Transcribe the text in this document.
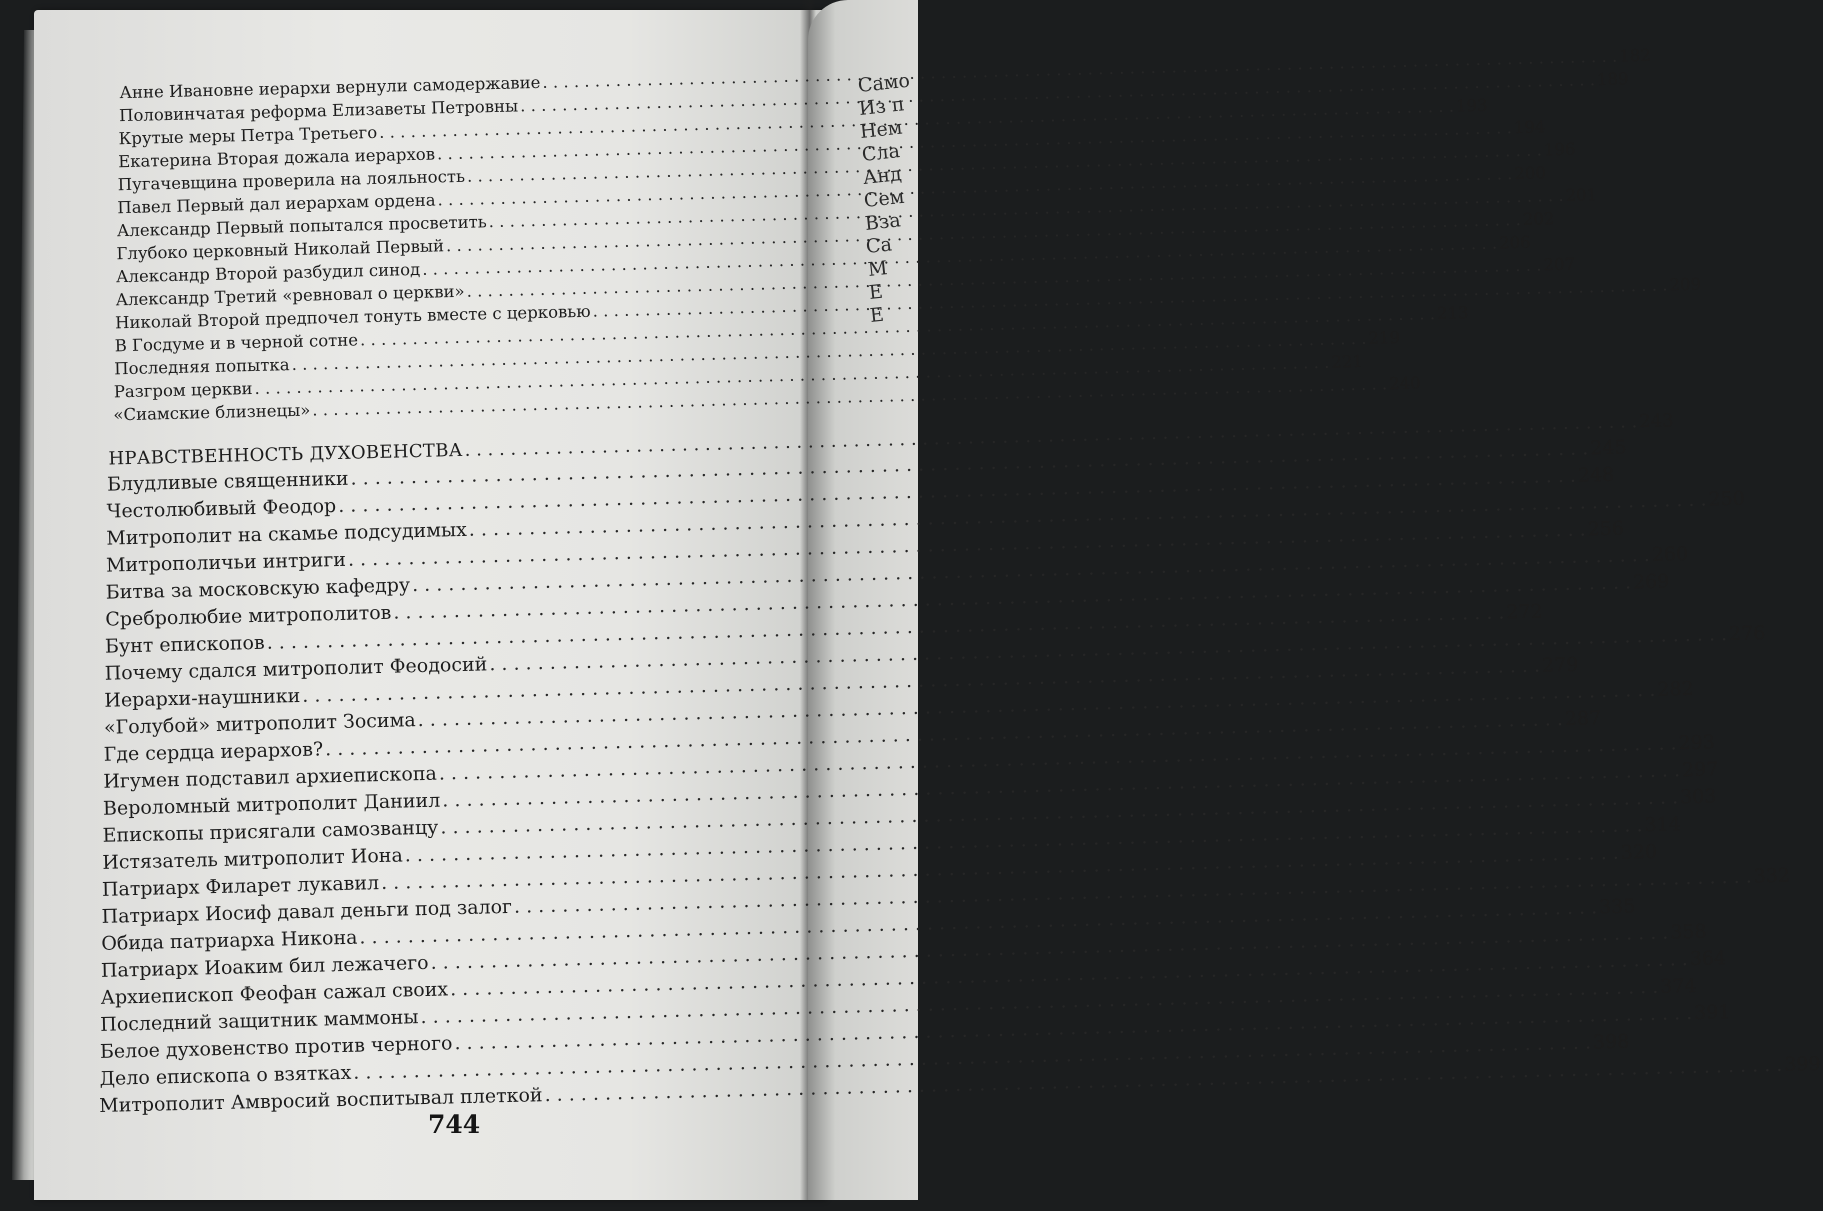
Само
Из п
Нем
Сла
Анд
Сем
Вза
Са
М
Е
Е
Анне Ивановне иерархи вернули самодержавие
. . .
182
Половинчатая реформа Елизаветы Петровны
. . .
189
Крутые меры Петра Третьего
. . .
193
Екатерина Вторая дожала иерархов
. . .
194
Пугачевщина проверила на лояльность
. . .
196
Павел Первый дал иерархам ордена
. . .
200
Александр Первый попытался просветить
. . .
201
Глубоко церковный Николай Первый
. . .
202
Александр Второй разбудил синод
. . .
206
Александр Третий «ревновал о церкви»
. . .
207
Николай Второй предпочел тонуть вместе с церковью
. . .
209
В Госдуме и в черной сотне
. . .
213
Последняя попытка
. . .
219
Разгром церкви
. . .
221
«Сиамские близнецы»
. . .
240
НРАВСТВЕННОСТЬ ДУХОВЕНСТВА
. . .
243
Блудливые священники
. . .
245
Честолюбивый Феодор
. . .
248
Митрополит на скамье подсудимых
. . .
250
Митрополичьи интриги
. . .
256
Битва за московскую кафедру
. . .
260
Сребролюбие митрополитов
. . .
269
Бунт епископов
. . .
272
Почему сдался митрополит Феодосий
. . .
276
Иерархи-наушники
. . .
279
«Голубой» митрополит Зосима
. . .
282
Где сердца иерархов?
. . .
287
Игумен подставил архиепископа
. . .
293
Вероломный митрополит Даниил
. . .
297
Епископы присягали самозванцу
. . .
303
Истязатель митрополит Иона
. . .
314
Патриарх Филарет лукавил
. . .
320
Патриарх Иосиф давал деньги под залог
. . .
332
Обида патриарха Никона
. . .
335
Патриарх Иоаким бил лежачего
. . .
358
Архиепископ Феофан сажал своих
. . .
364
Последний защитник маммоны
. . .
374
Белое духовенство против черного
. . .
391
Дело епископа о взятках
. . .
398
Митрополит Амвросий воспитывал плеткой
. . .
399
744
